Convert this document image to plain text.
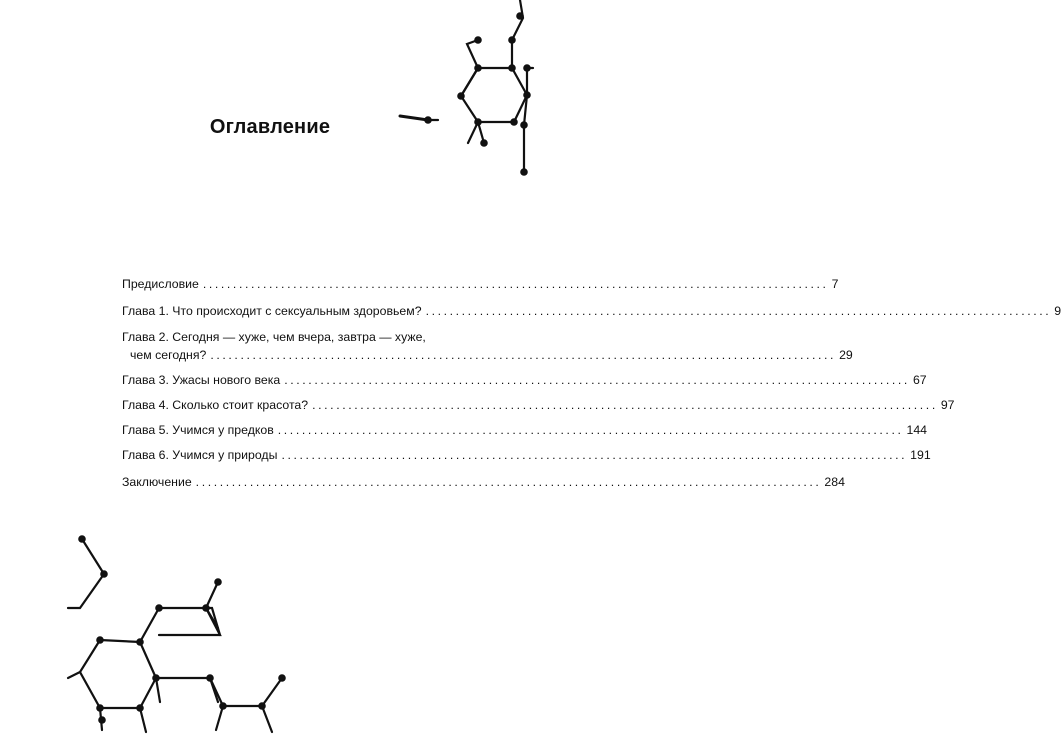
Оглавление
Предисловие ........................................................................................................ 7
Глава 1. Что происходит с сексуальным здоровьем? ........................................................................................................ 9
Глава 2. Сегодня — хуже, чем вчера, завтра — хуже,
чем сегодня? ........................................................................................................ 29
Глава 3. Ужасы нового века ........................................................................................................ 67
Глава 4. Сколько стоит красота? ........................................................................................................ 97
Глава 5. Учимся у предков ........................................................................................................ 144
Глава 6. Учимся у природы ........................................................................................................ 191
Заключение ........................................................................................................ 284
